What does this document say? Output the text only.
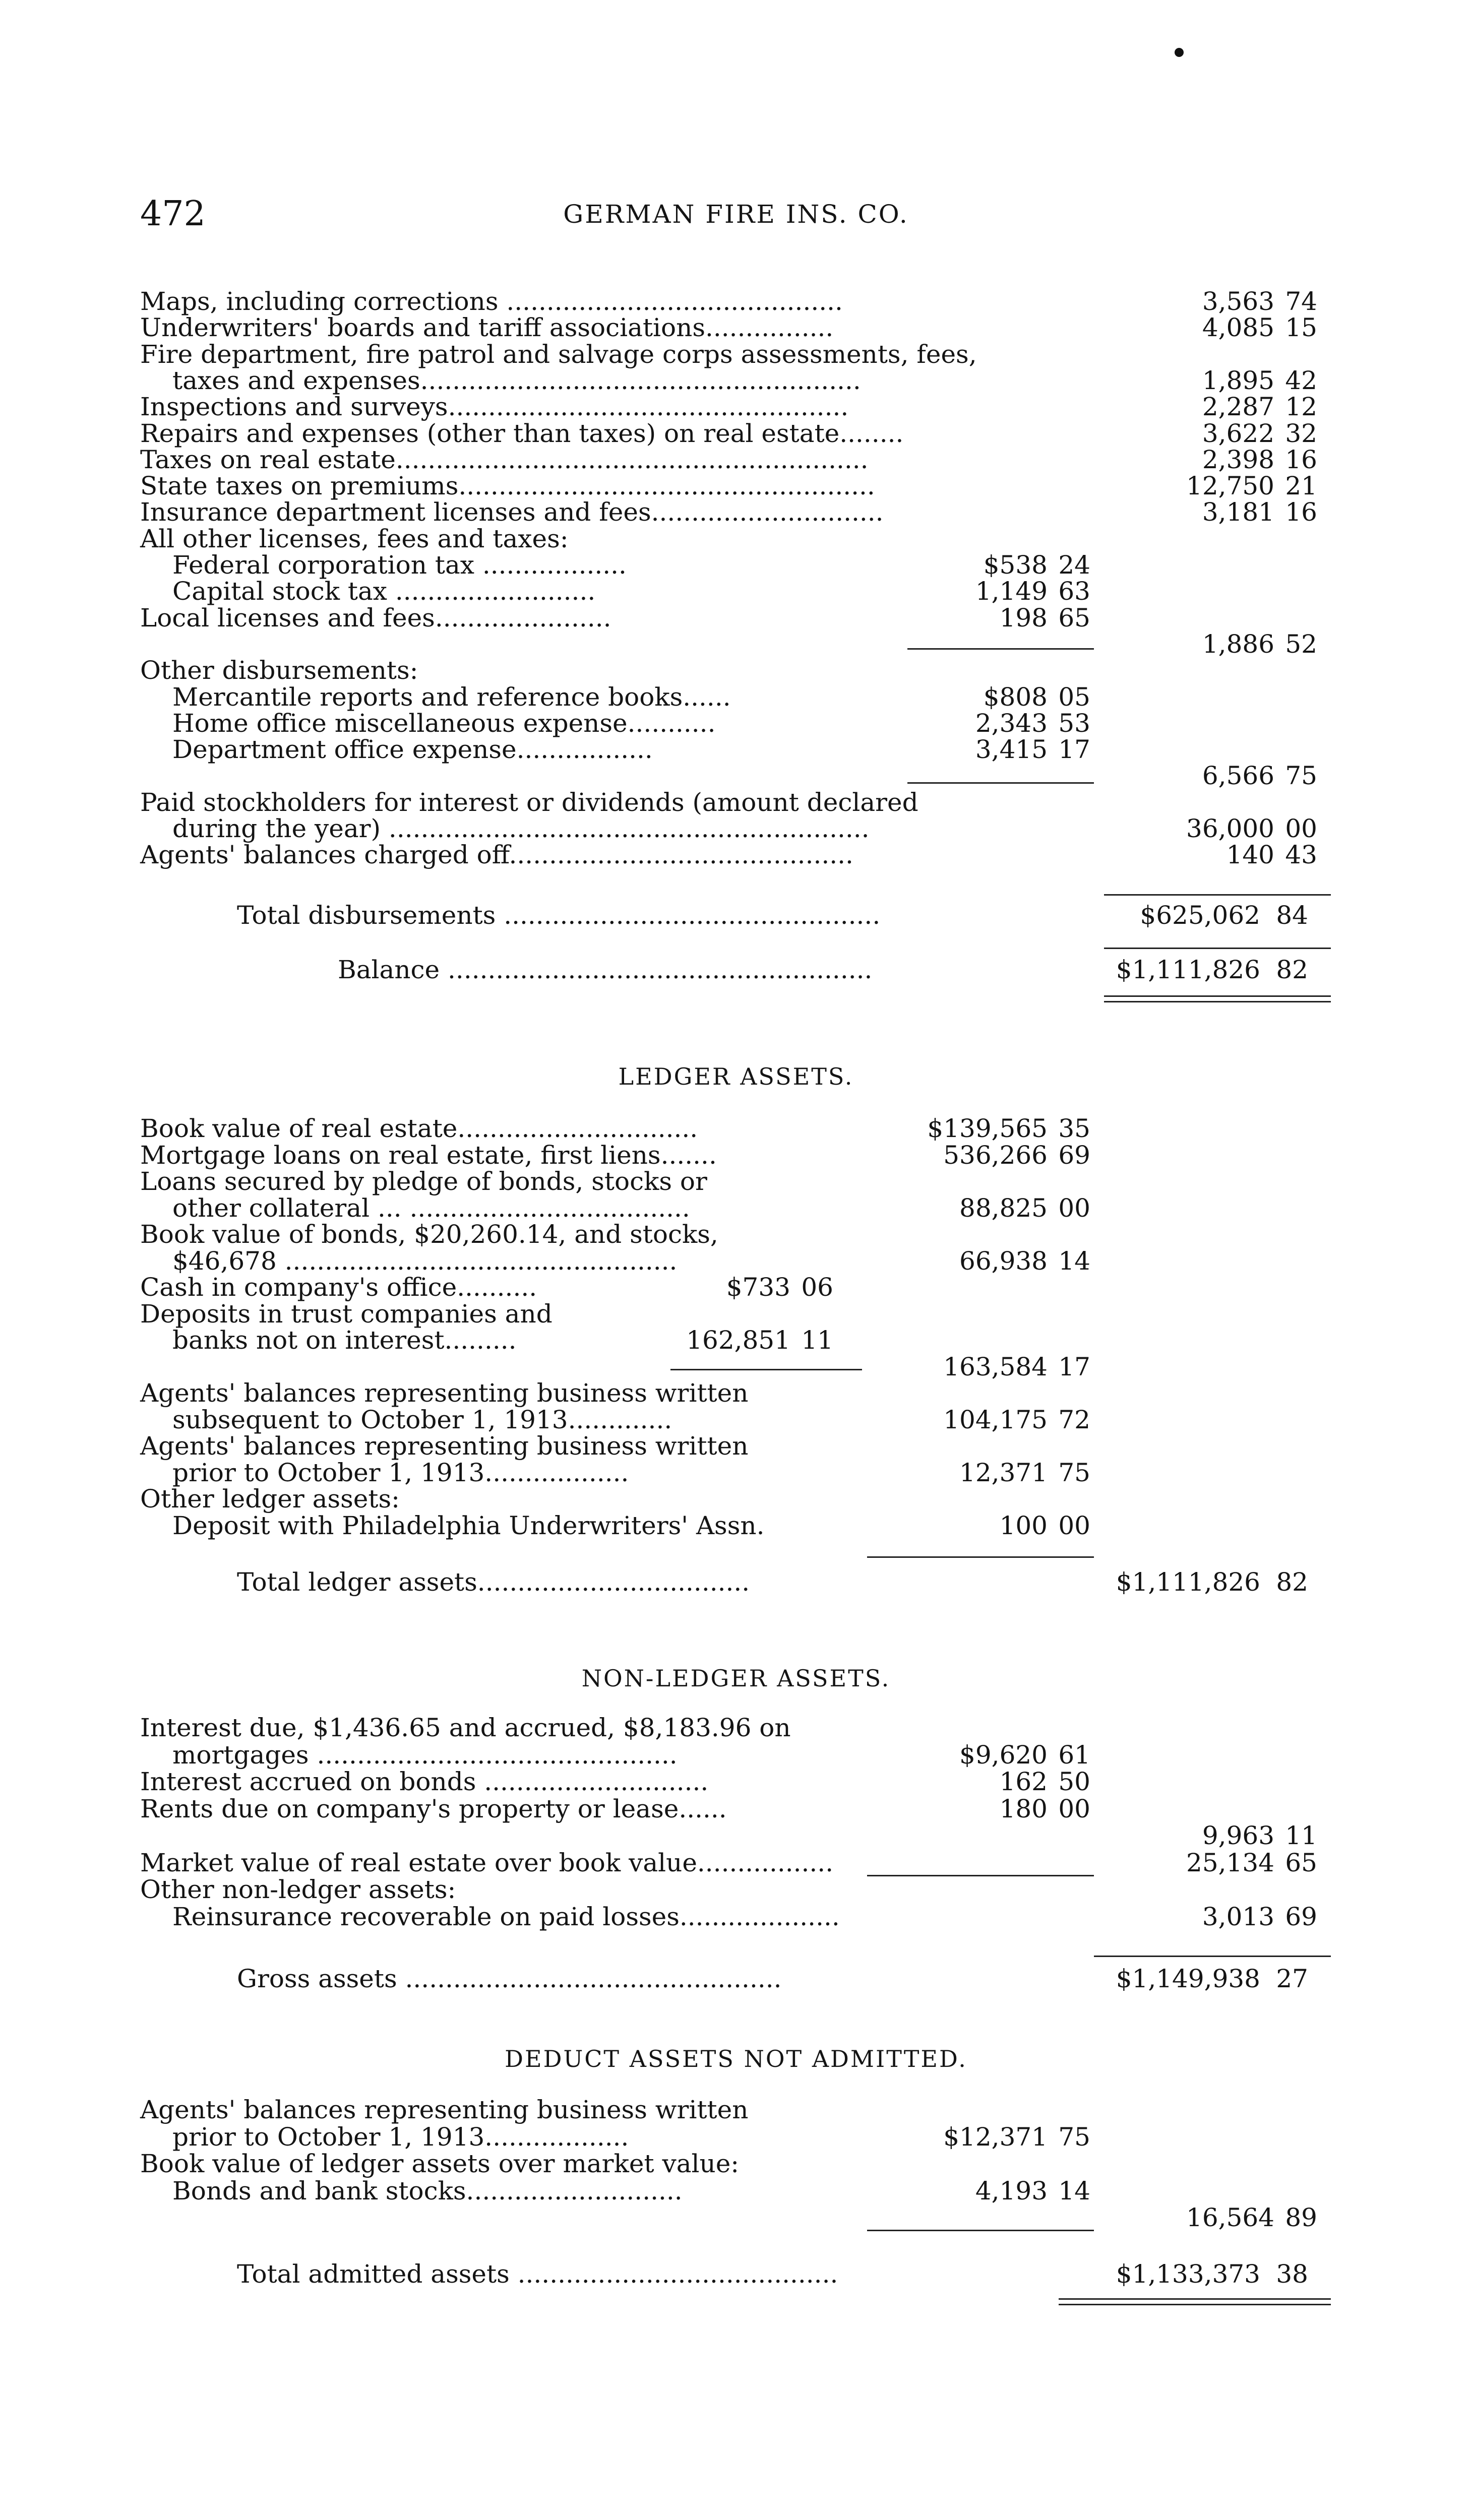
472	GERMAN FIRE INS. CO.
LEDGER ASSETS.
NON-LEDGER ASSETS.
DEDUCT ASSETS NOT ADMITTED.
Maps, including corrections ..........................................	3,563 74
Underwriters' boards and tariff associations................	4,085 15
Fire department, fire patrol and salvage corps assessments, fees,
taxes and expenses.......................................................	1,895 42
Inspections and surveys..................................................	2,287 12
Repairs and expenses (other than taxes) on real estate........	3,622 32
Taxes on real estate...........................................................	2,398 16
State taxes on premiums....................................................	12,750 21
Insurance department licenses and fees.............................	3,181 16
All other licenses, fees and taxes:
Federal corporation tax ..................	$538 24
Capital stock tax .........................	1,149 63
Local licenses and fees......................	198 65
1,886 52
Other disbursements:
Mercantile reports and reference books......	$808 05
Home office miscellaneous expense...........	2,343 53
Department office expense.................	3,415 17
6,566 75
Paid stockholders for interest or dividends (amount declared
during the year) ............................................................	36,000 00
Agents' balances charged off...........................................	140 43
Total disbursements ...............................................	$625,062 84
Balance .....................................................	$1,111,826 82
Book value of real estate..............................	$139,565 35
Mortgage loans on real estate, first liens.......	536,266 69
Loans secured by pledge of bonds, stocks or
other collateral ... ...................................	88,825 00
Book value of bonds, $20,260.14, and stocks,
$46,678 .................................................	66,938 14
Cash in company's office..........	$733 06
Deposits in trust companies and
banks not on interest.........	162,851 11
163,584 17
Agents' balances representing business written
subsequent to October 1, 1913.............	104,175 72
Agents' balances representing business written
prior to October 1, 1913..................	12,371 75
Other ledger assets:
Deposit with Philadelphia Underwriters' Assn.	100 00
Total ledger assets..................................	$1,111,826 82
Interest due, $1,436.65 and accrued, $8,183.96 on
mortgages .............................................	$9,620 61
Interest accrued on bonds ............................	162 50
Rents due on company's property or lease......	180 00
9,963 11
Market value of real estate over book value.................	25,134 65
Other non-ledger assets:
Reinsurance recoverable on paid losses....................	3,013 69
Gross assets ...............................................	$1,149,938 27
Agents' balances representing business written
prior to October 1, 1913..................	$12,371 75
Book value of ledger assets over market value:
Bonds and bank stocks...........................	4,193 14
16,564 89
Total admitted assets ........................................	$1,133,373 38
